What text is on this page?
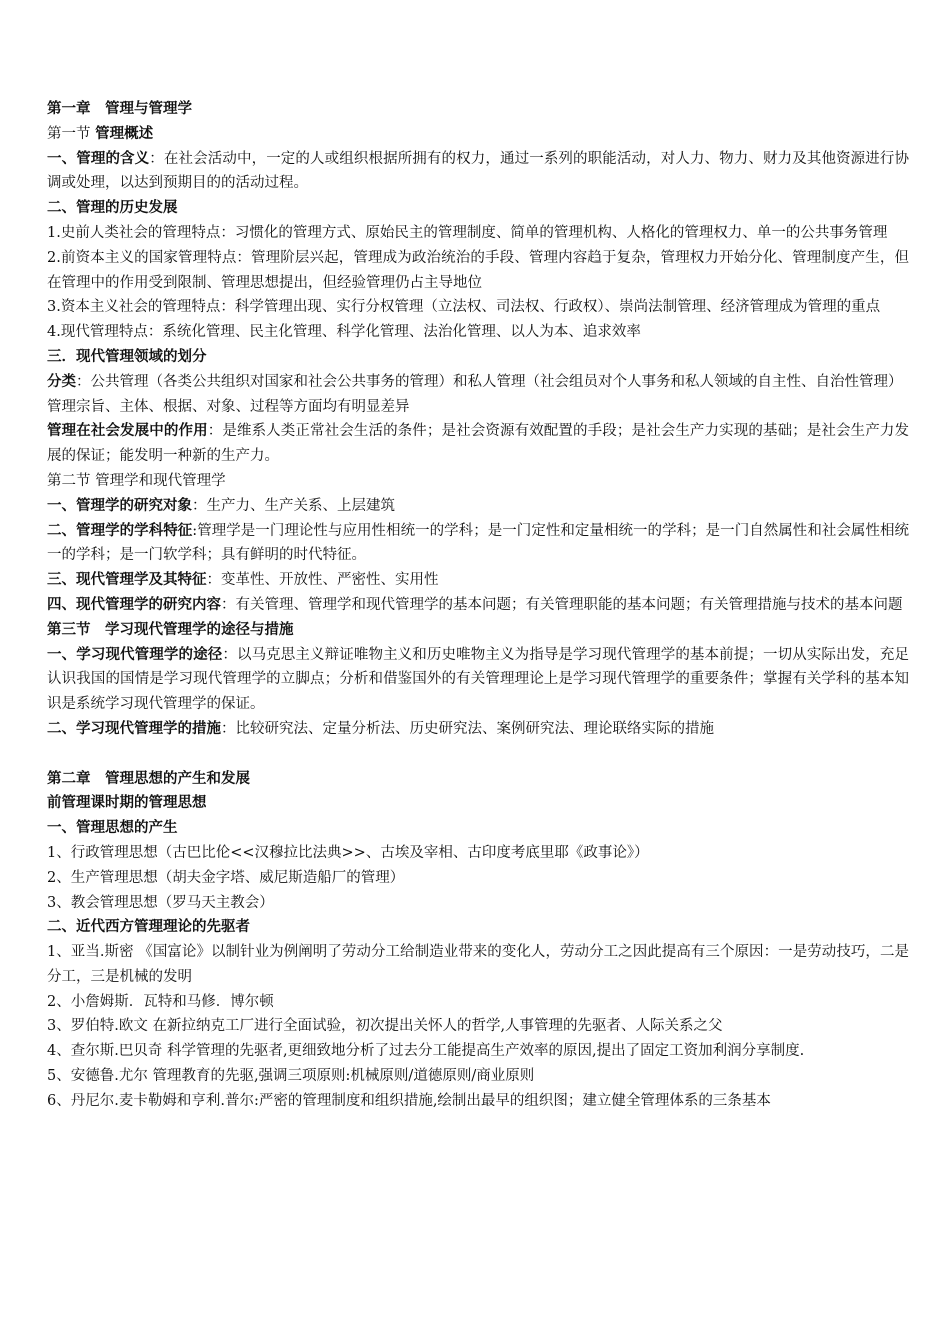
第一章　管理与管理学
第一节 管理概述
一、管理的含义：在社会活动中，一定的人或组织根据所拥有的权力，通过一系列的职能活动，对人力、物力、财力及其他资源进行协调或处理，以达到预期目的的活动过程。
二、管理的历史发展
1.史前人类社会的管理特点：习惯化的管理方式、原始民主的管理制度、简单的管理机构、人格化的管理权力、单一的公共事务管理
2.前资本主义的国家管理特点：管理阶层兴起，管理成为政治统治的手段、管理内容趋于复杂，管理权力开始分化、管理制度产生，但在管理中的作用受到限制、管理思想提出，但经验管理仍占主导地位
3.资本主义社会的管理特点：科学管理出现、实行分权管理（立法权、司法权、行政权）、崇尚法制管理、经济管理成为管理的重点
4.现代管理特点：系统化管理、民主化管理、科学化管理、法治化管理、以人为本、追求效率
三．现代管理领域的划分
分类：公共管理（各类公共组织对国家和社会公共事务的管理）和私人管理（社会组员对个人事务和私人领域的自主性、自治性管理）
管理宗旨、主体、根据、对象、过程等方面均有明显差异
管理在社会发展中的作用：是维系人类正常社会生活的条件；是社会资源有效配置的手段；是社会生产力实现的基础；是社会生产力发展的保证；能发明一种新的生产力。
第二节 管理学和现代管理学
一、管理学的研究对象：生产力、生产关系、上层建筑
二、管理学的学科特征:管理学是一门理论性与应用性相统一的学科；是一门定性和定量相统一的学科；是一门自然属性和社会属性相统一的学科；是一门软学科；具有鲜明的时代特征。
三、现代管理学及其特征：变革性、开放性、严密性、实用性
四、现代管理学的研究内容：有关管理、管理学和现代管理学的基本问题；有关管理职能的基本问题；有关管理措施与技术的基本问题
第三节　学习现代管理学的途径与措施
一、学习现代管理学的途径：以马克思主义辩证唯物主义和历史唯物主义为指导是学习现代管理学的基本前提；一切从实际出发，充足认识我国的国情是学习现代管理学的立脚点；分析和借鉴国外的有关管理理论上是学习现代管理学的重要条件；掌握有关学科的基本知识是系统学习现代管理学的保证。
二、学习现代管理学的措施：比较研究法、定量分析法、历史研究法、案例研究法、理论联络实际的措施
第二章　管理思想的产生和发展
前管理课时期的管理思想
一、管理思想的产生
1、行政管理思想（古巴比伦<<汉穆拉比法典>>、古埃及宰相、古印度考底里耶《政事论》）
2、生产管理思想（胡夫金字塔、威尼斯造船厂的管理）
3、教会管理思想（罗马天主教会）
二、近代西方管理理论的先驱者
1、亚当.斯密 《国富论》以制针业为例阐明了劳动分工给制造业带来的变化人，劳动分工之因此提高有三个原因：一是劳动技巧，二是分工，三是机械的发明
2、小詹姆斯．瓦特和马修．博尔顿
3、罗伯特.欧文 在新拉纳克工厂进行全面试验，初次提出关怀人的哲学,人事管理的先驱者、人际关系之父
4、查尔斯.巴贝奇 科学管理的先驱者,更细致地分析了过去分工能提高生产效率的原因,提出了固定工资加利润分享制度.
5、安德鲁.尤尔 管理教育的先驱,强调三项原则:机械原则/道德原则/商业原则
6、丹尼尔.麦卡勒姆和亨利.普尔:严密的管理制度和组织措施,绘制出最早的组织图；建立健全管理体系的三条基本
